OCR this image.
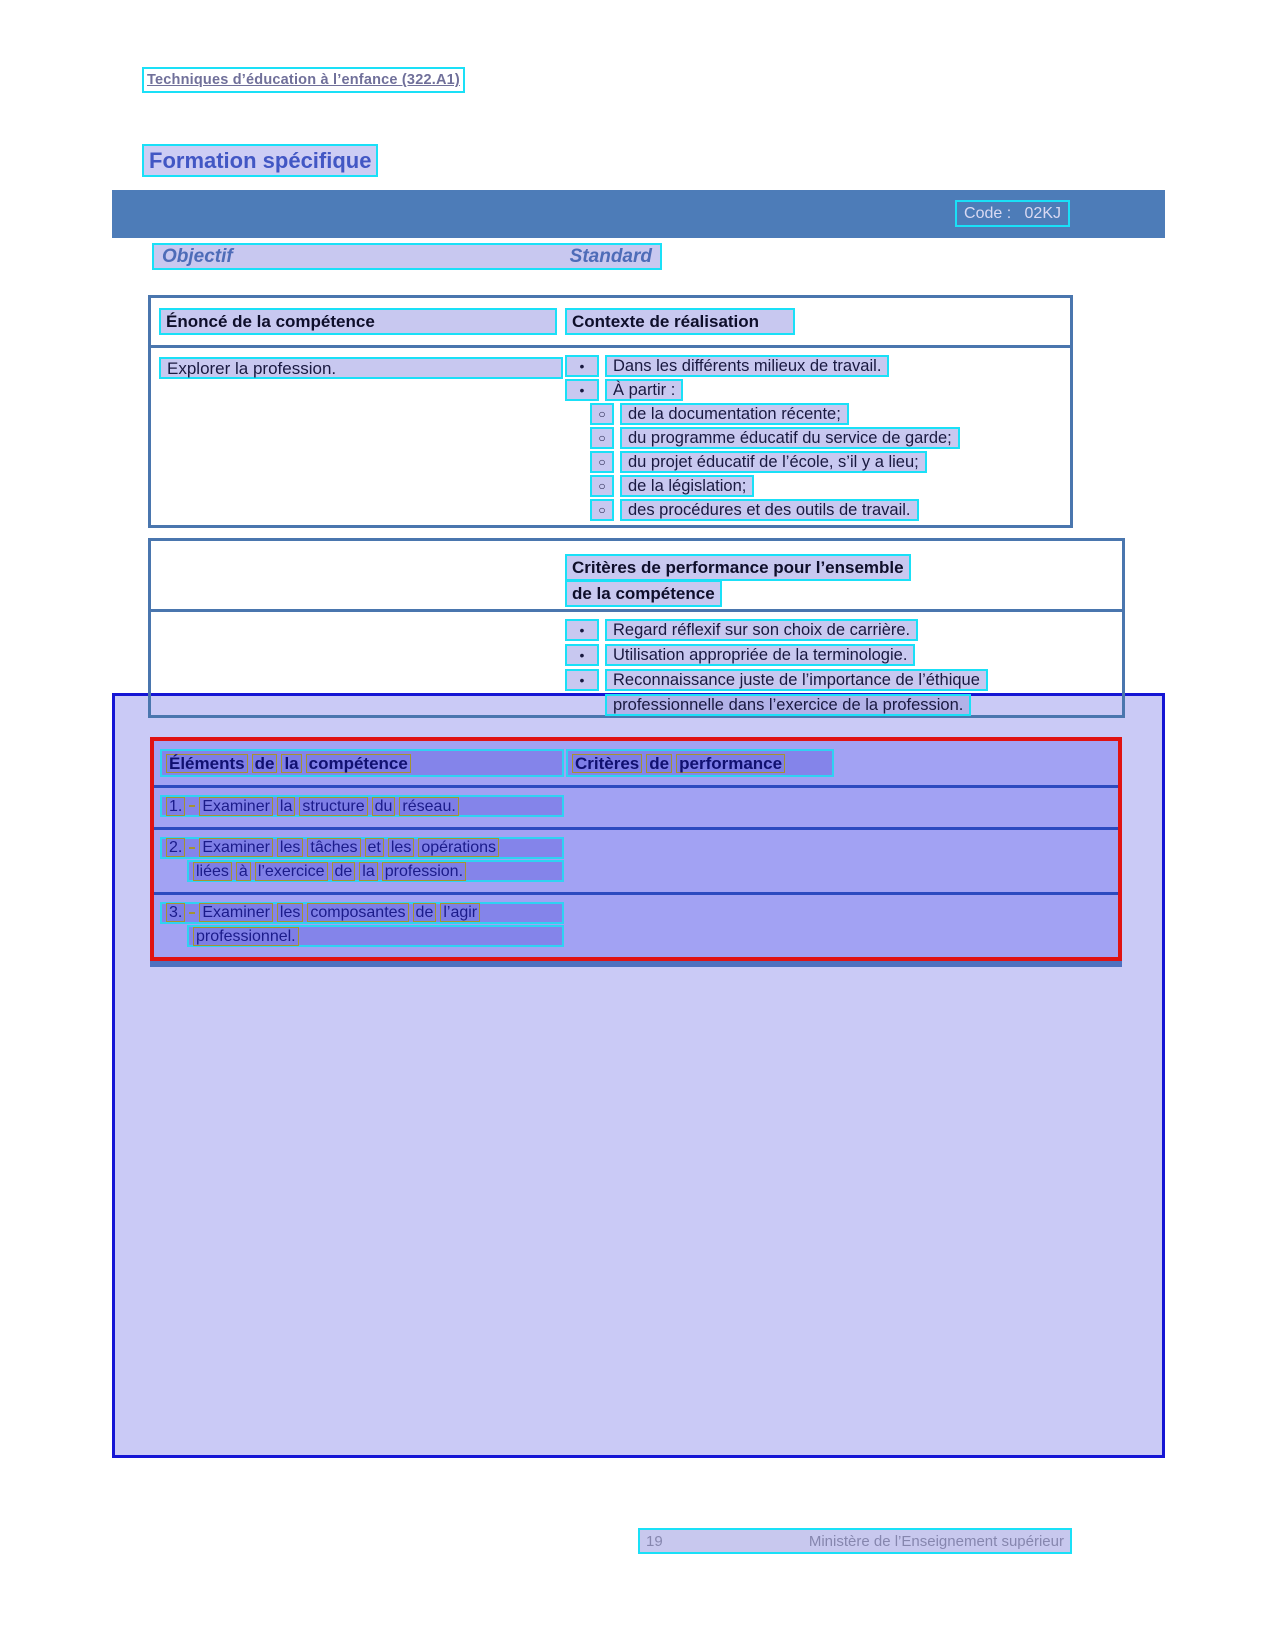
Techniques d’éducation à l’enfance (322.A1)
Formation spécifique
Code :   02KJ
Objectif	Standard
Énoncé de la compétence	Contexte de réalisation
Explorer la profession.	•	Dans les différents milieux de travail.
•	À partir :
○	de la documentation récente;
○	du programme éducatif du service de garde;
○	du projet éducatif de l’école, s’il y a lieu;
○	de la législation;
○	des procédures et des outils de travail.
Critères de performance pour l’ensemble
de la compétence
•	Regard réflexif sur son choix de carrière.
•	Utilisation appropriée de la terminologie.
•	Reconnaissance juste de l’importance de l’éthique
professionnelle dans l’exercice de la profession.
Éléments de la compétence	Critères de performance
1. Examiner la structure du réseau.
2. Examiner les tâches et les opérations
liées à l’exercice de la profession.
3. Examiner les composantes de l’agir
professionnel.
19	Ministère de l’Enseignement supérieur
